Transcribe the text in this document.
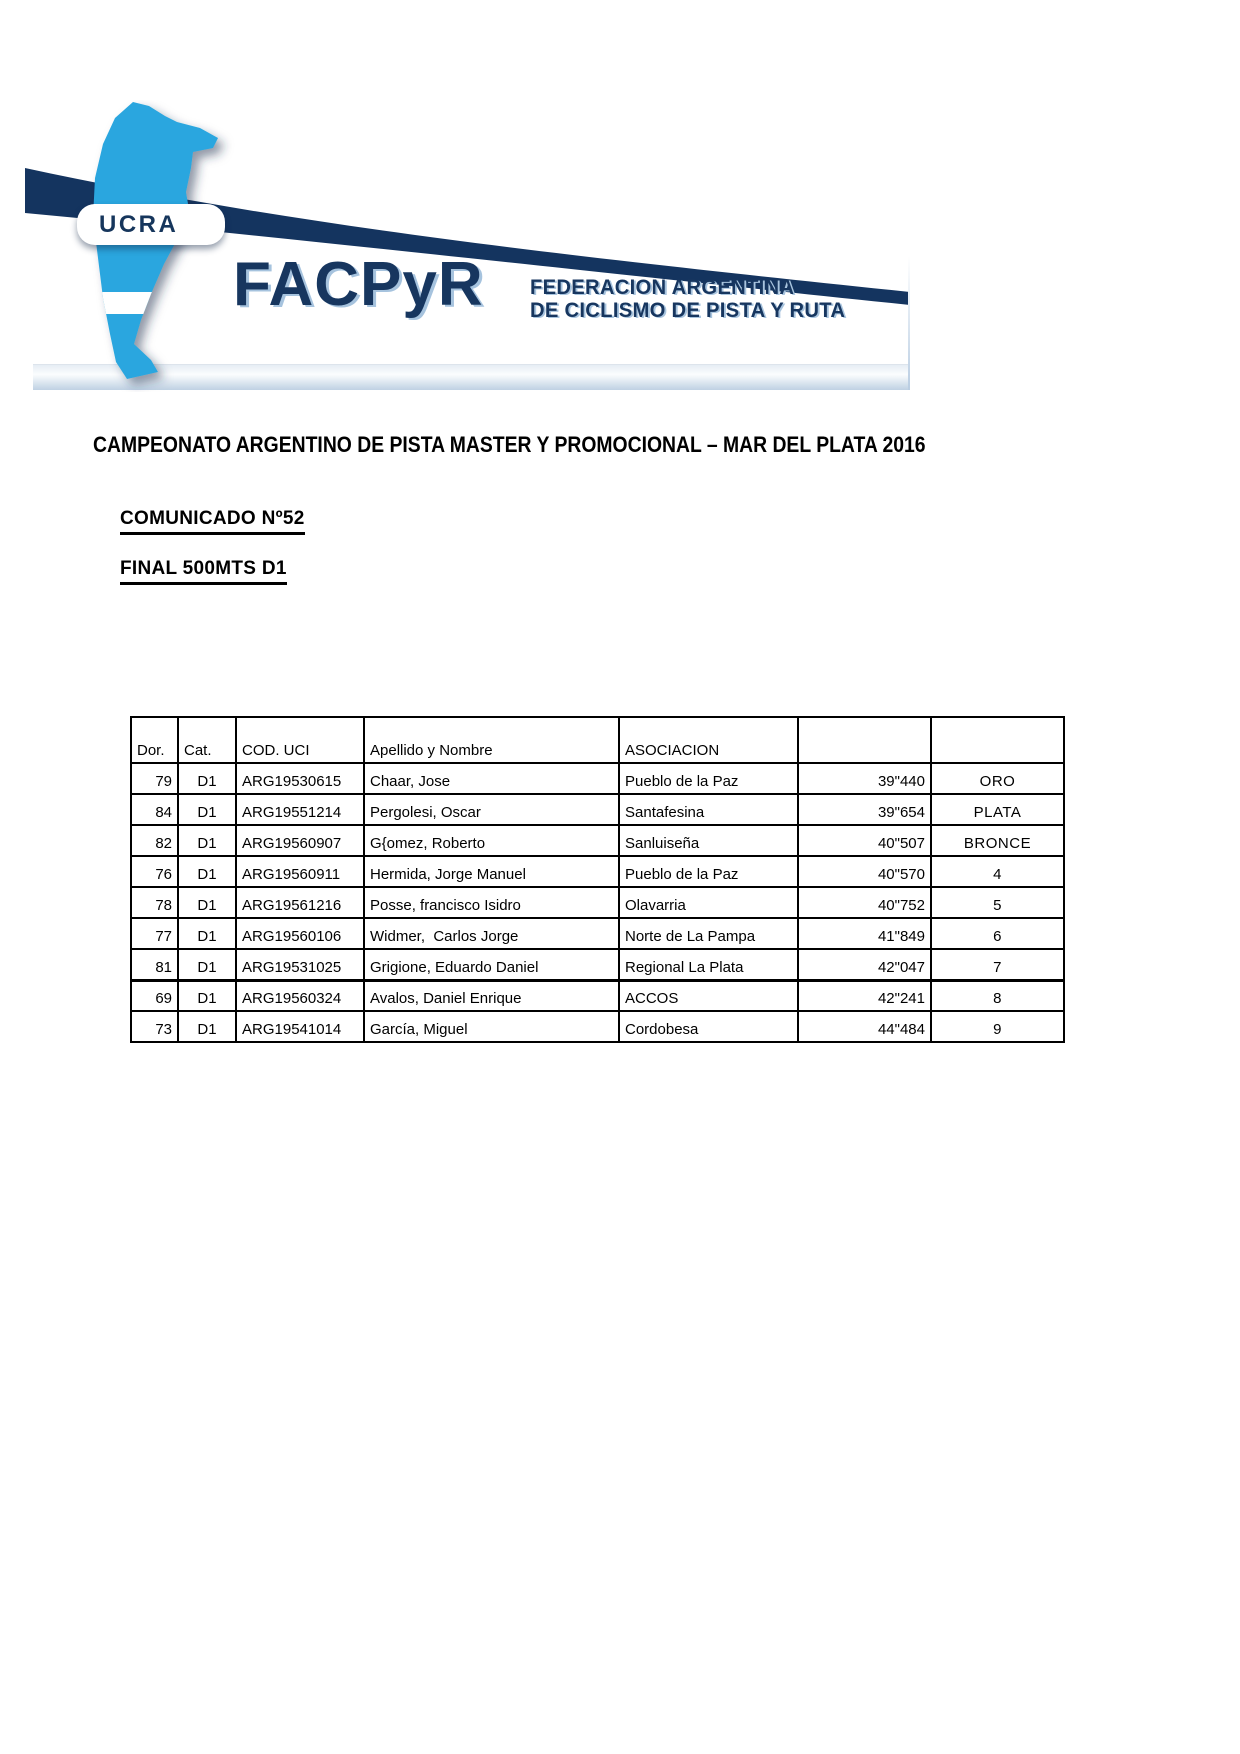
UCRA
FACPyR FEDERACION ARGENTINA
DE CICLISMO DE PISTA Y RUTA
CAMPEONATO ARGENTINO DE PISTA MASTER Y PROMOCIONAL – MAR DEL PLATA 2016
COMUNICADO Nº52
FINAL 500MTS D1
Dor.	Cat.	COD. UCI	Apellido y Nombre	ASOCIACION		
79	D1	ARG19530615	Chaar, Jose	Pueblo de la Paz	39"440	ORO
84	D1	ARG19551214	Pergolesi, Oscar	Santafesina	39"654	PLATA
82	D1	ARG19560907	G{omez, Roberto	Sanluiseña	40"507	BRONCE
76	D1	ARG19560911	Hermida, Jorge Manuel	Pueblo de la Paz	40"570	4
78	D1	ARG19561216	Posse, francisco Isidro	Olavarria	40"752	5
77	D1	ARG19560106	Widmer,  Carlos Jorge	Norte de La Pampa	41"849	6
81	D1	ARG19531025	Grigione, Eduardo Daniel	Regional La Plata	42"047	7
69	D1	ARG19560324	Avalos, Daniel Enrique	ACCOS	42"241	8
73	D1	ARG19541014	García, Miguel	Cordobesa	44"484	9
